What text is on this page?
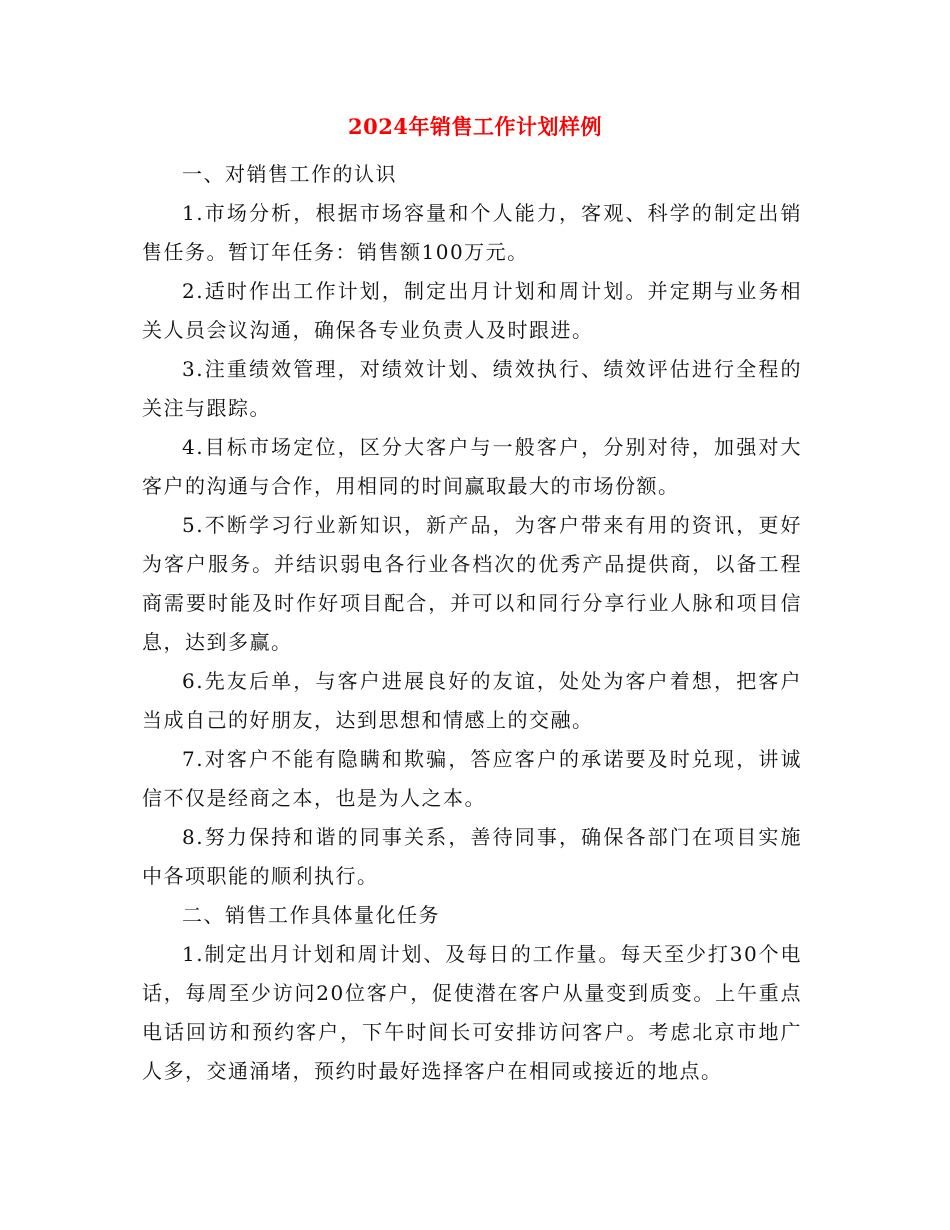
2024年销售工作计划样例

一、对销售工作的认识

1.市场分析，根据市场容量和个人能力，客观、科学的制定出销售任务。暂订年任务：销售额100万元。

2.适时作出工作计划，制定出月计划和周计划。并定期与业务相关人员会议沟通，确保各专业负责人及时跟进。

3.注重绩效管理，对绩效计划、绩效执行、绩效评估进行全程的关注与跟踪。

4.目标市场定位，区分大客户与一般客户，分别对待，加强对大客户的沟通与合作，用相同的时间赢取最大的市场份额。

5.不断学习行业新知识，新产品，为客户带来有用的资讯，更好为客户服务。并结识弱电各行业各档次的优秀产品提供商，以备工程商需要时能及时作好项目配合，并可以和同行分享行业人脉和项目信息，达到多赢。

6.先友后单，与客户进展良好的友谊，处处为客户着想，把客户当成自己的好朋友，达到思想和情感上的交融。

7.对客户不能有隐瞒和欺骗，答应客户的承诺要及时兑现，讲诚信不仅是经商之本，也是为人之本。

8.努力保持和谐的同事关系，善待同事，确保各部门在项目实施中各项职能的顺利执行。

二、销售工作具体量化任务

1.制定出月计划和周计划、及每日的工作量。每天至少打30个电话，每周至少访问20位客户，促使潜在客户从量变到质变。上午重点电话回访和预约客户，下午时间长可安排访问客户。考虑北京市地广人多，交通涌堵，预约时最好选择客户在相同或接近的地点。
